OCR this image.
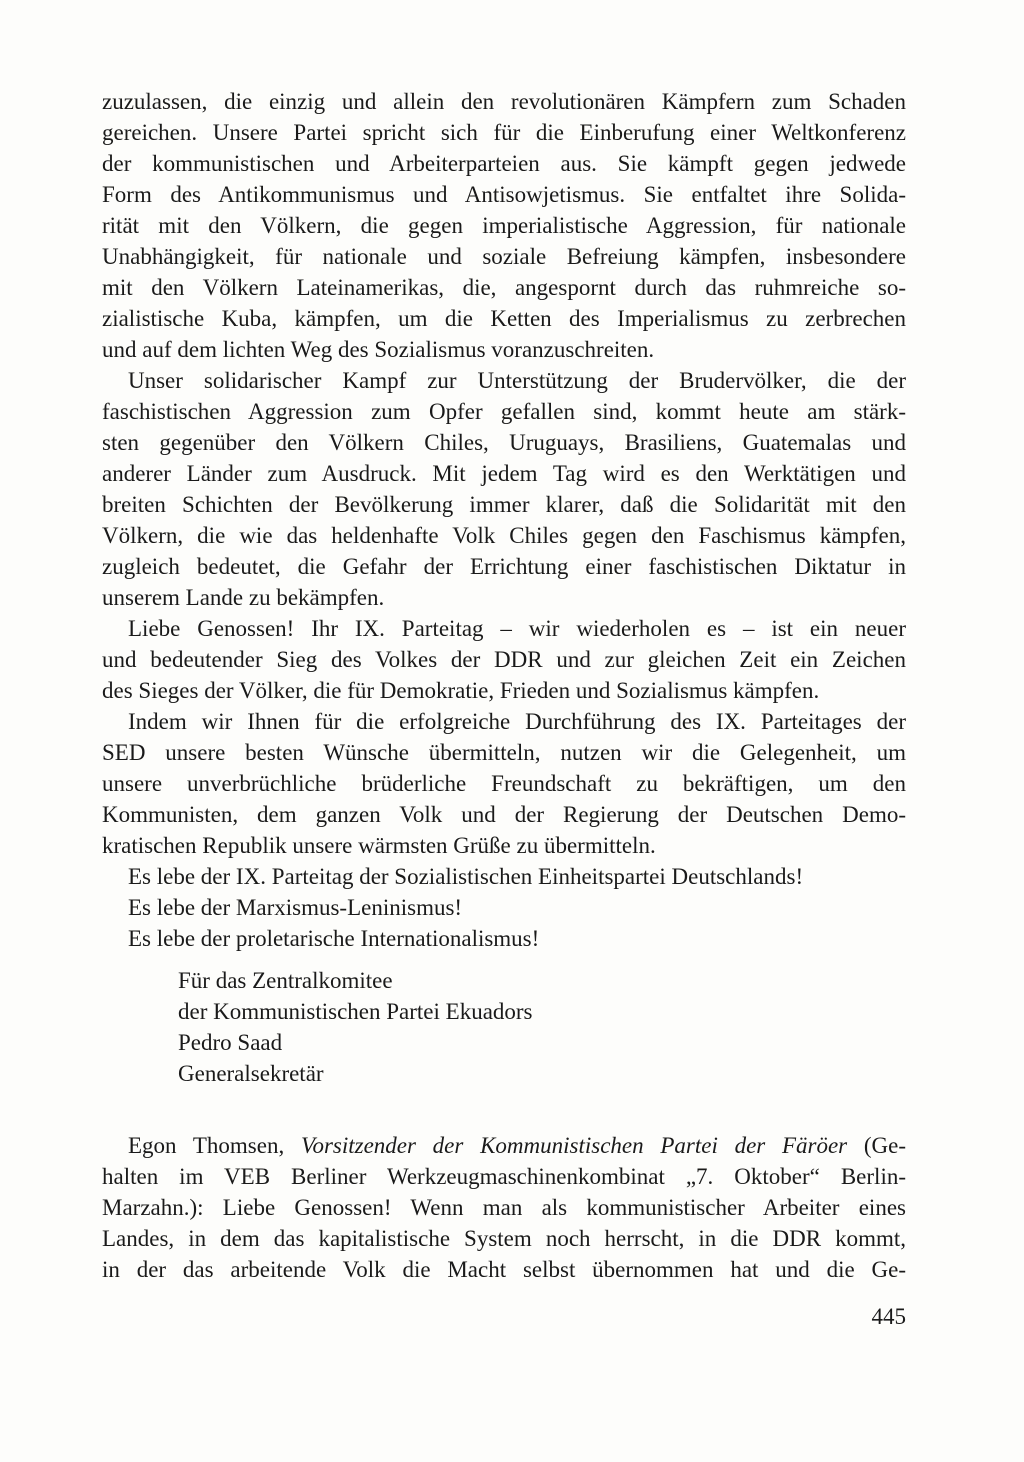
zuzulassen, die einzig und allein den revolutionären Kämpfern zum Schaden
gereichen. Unsere Partei spricht sich für die Einberufung einer Weltkonferenz
der kommunistischen und Arbeiterparteien aus. Sie kämpft gegen jedwede
Form des Antikommunismus und Antisowjetismus. Sie entfaltet ihre Solida-
rität mit den Völkern, die gegen imperialistische Aggression, für nationale
Unabhängigkeit, für nationale und soziale Befreiung kämpfen, insbesondere
mit den Völkern Lateinamerikas, die, angespornt durch das ruhmreiche so-
zialistische Kuba, kämpfen, um die Ketten des Imperialismus zu zerbrechen
und auf dem lichten Weg des Sozialismus voranzuschreiten.
Unser solidarischer Kampf zur Unterstützung der Brudervölker, die der
faschistischen Aggression zum Opfer gefallen sind, kommt heute am stärk-
sten gegenüber den Völkern Chiles, Uruguays, Brasiliens, Guatemalas und
anderer Länder zum Ausdruck. Mit jedem Tag wird es den Werktätigen und
breiten Schichten der Bevölkerung immer klarer, daß die Solidarität mit den
Völkern, die wie das heldenhafte Volk Chiles gegen den Faschismus kämpfen,
zugleich bedeutet, die Gefahr der Errichtung einer faschistischen Diktatur in
unserem Lande zu bekämpfen.
Liebe Genossen! Ihr IX. Parteitag – wir wiederholen es – ist ein neuer
und bedeutender Sieg des Volkes der DDR und zur gleichen Zeit ein Zeichen
des Sieges der Völker, die für Demokratie, Frieden und Sozialismus kämpfen.
Indem wir Ihnen für die erfolgreiche Durchführung des IX. Parteitages der
SED unsere besten Wünsche übermitteln, nutzen wir die Gelegenheit, um
unsere unverbrüchliche brüderliche Freundschaft zu bekräftigen, um den
Kommunisten, dem ganzen Volk und der Regierung der Deutschen Demo-
kratischen Republik unsere wärmsten Grüße zu übermitteln.
Es lebe der IX. Parteitag der Sozialistischen Einheitspartei Deutschlands!
Es lebe der Marxismus-Leninismus!
Es lebe der proletarische Internationalismus!
Für das Zentralkomitee
der Kommunistischen Partei Ekuadors
Pedro Saad
Generalsekretär
Egon Thomsen, Vorsitzender der Kommunistischen Partei der Färöer (Ge-
halten im VEB Berliner Werkzeugmaschinenkombinat „7. Oktober“ Berlin-
Marzahn.): Liebe Genossen! Wenn man als kommunistischer Arbeiter eines
Landes, in dem das kapitalistische System noch herrscht, in die DDR kommt,
in der das arbeitende Volk die Macht selbst übernommen hat und die Ge-
445
